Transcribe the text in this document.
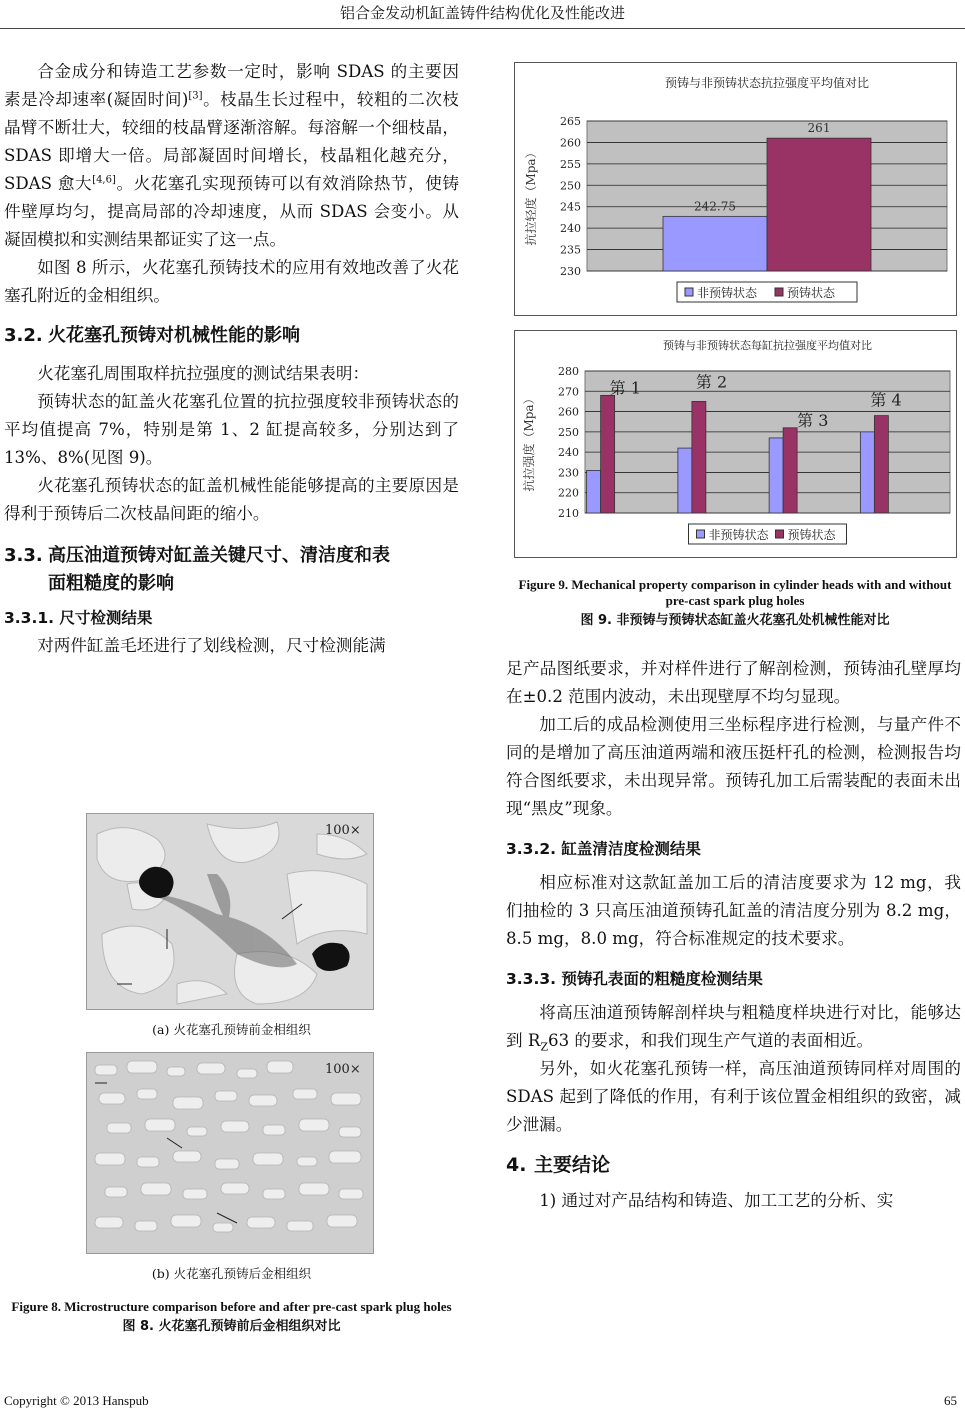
铝合金发动机缸盖铸件结构优化及性能改进

合金成分和铸造工艺参数一定时，影响 SDAS 的主要因素是冷却速率(凝固时间)[3]。枝晶生长过程中，较粗的二次枝晶臂不断壮大，较细的枝晶臂逐渐溶解。每溶解一个细枝晶，SDAS 即增大一倍。局部凝固时间增长，枝晶粗化越充分，SDAS 愈大[4,6]。火花塞孔实现预铸可以有效消除热节，使铸件壁厚均匀，提高局部的冷却速度，从而 SDAS 会变小。从凝固模拟和实测结果都证实了这一点。

如图 8 所示，火花塞孔预铸技术的应用有效地改善了火花塞孔附近的金相组织。

3.2. 火花塞孔预铸对机械性能的影响

火花塞孔周围取样抗拉强度的测试结果表明：

预铸状态的缸盖火花塞孔位置的抗拉强度较非预铸状态的平均值提高 7%，特别是第 1、2 缸提高较多，分别达到了 13%、8%(见图 9)。

火花塞孔预铸状态的缸盖机械性能能够提高的主要原因是得利于预铸后二次枝晶间距的缩小。

3.3. 高压油道预铸对缸盖关键尺寸、清洁度和表
面粗糙度的影响
3.3.1. 尺寸检测结果

对两件缸盖毛坯进行了划线检测，尺寸检测能满

100×
(a) 火花塞孔预铸前金相组织
100×
(b) 火花塞孔预铸后金相组织
Figure 8. Microstructure comparison before and after pre-cast spark plug holes
图 8. 火花塞孔预铸前后金相组织对比
预铸与非预铸状态抗拉强度平均值对比
230
235
240
245
250
255
260
265
抗拉轻度（Mpa）	242.75
261
非预铸状态 预铸状态
预铸与非预铸状态每缸抗拉强度平均值对比
210
220
230
240
250
260
270
280
抗拉强度（Mpa）
第 1	第 2
第 3
第 4
非预铸状态 预铸状态
Figure 9. Mechanical property comparison in cylinder heads with and without pre-cast spark plug holes
图 9. 非预铸与预铸状态缸盖火花塞孔处机械性能对比

足产品图纸要求，并对样件进行了解剖检测，预铸油孔壁厚均在±0.2 范围内波动，未出现壁厚不均匀显现。

加工后的成品检测使用三坐标程序进行检测，与量产件不同的是增加了高压油道两端和液压挺杆孔的检测，检测报告均符合图纸要求，未出现异常。预铸孔加工后需装配的表面未出现“黑皮”现象。

3.3.2. 缸盖清洁度检测结果

相应标准对这款缸盖加工后的清洁度要求为 12 mg，我们抽检的 3 只高压油道预铸孔缸盖的清洁度分别为 8.2 mg，8.5 mg，8.0 mg，符合标准规定的技术要求。

3.3.3. 预铸孔表面的粗糙度检测结果

将高压油道预铸解剖样块与粗糙度样块进行对比，能够达到 $R_Z63$ 的要求，和我们现生产气道的表面相近。

另外，如火花塞孔预铸一样，高压油道预铸同样对周围的 SDAS 起到了降低的作用，有利于该位置金相组织的致密，减少泄漏。

4. 主要结论

1) 通过对产品结构和铸造、加工工艺的分析、实

Copyright © 2013 Hanspub	65
